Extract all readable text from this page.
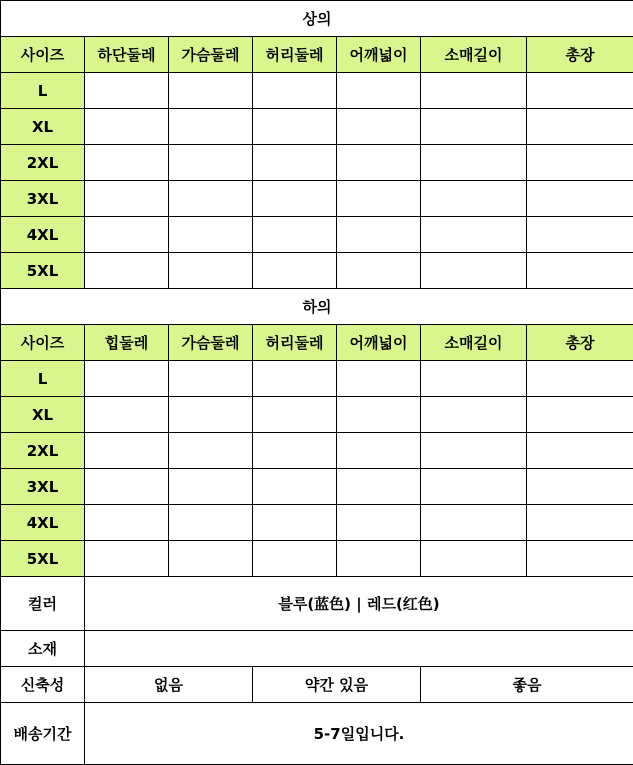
상의						
사이즈	하단둘레	가슴둘레	허리둘레	어깨넓이	소매길이	총장
L						
XL						
2XL						
3XL						
4XL						
5XL						
하의						
사이즈	힙둘레	가슴둘레	허리둘레	어깨넓이	소매길이	총장
L						
XL						
2XL						
3XL						
4XL						
5XL						
컬러	블루(蓝色) | 레드(红色)					
소재						
신축성	없음		약간 있음		좋음	
배송기간	5-7일입니다.					
